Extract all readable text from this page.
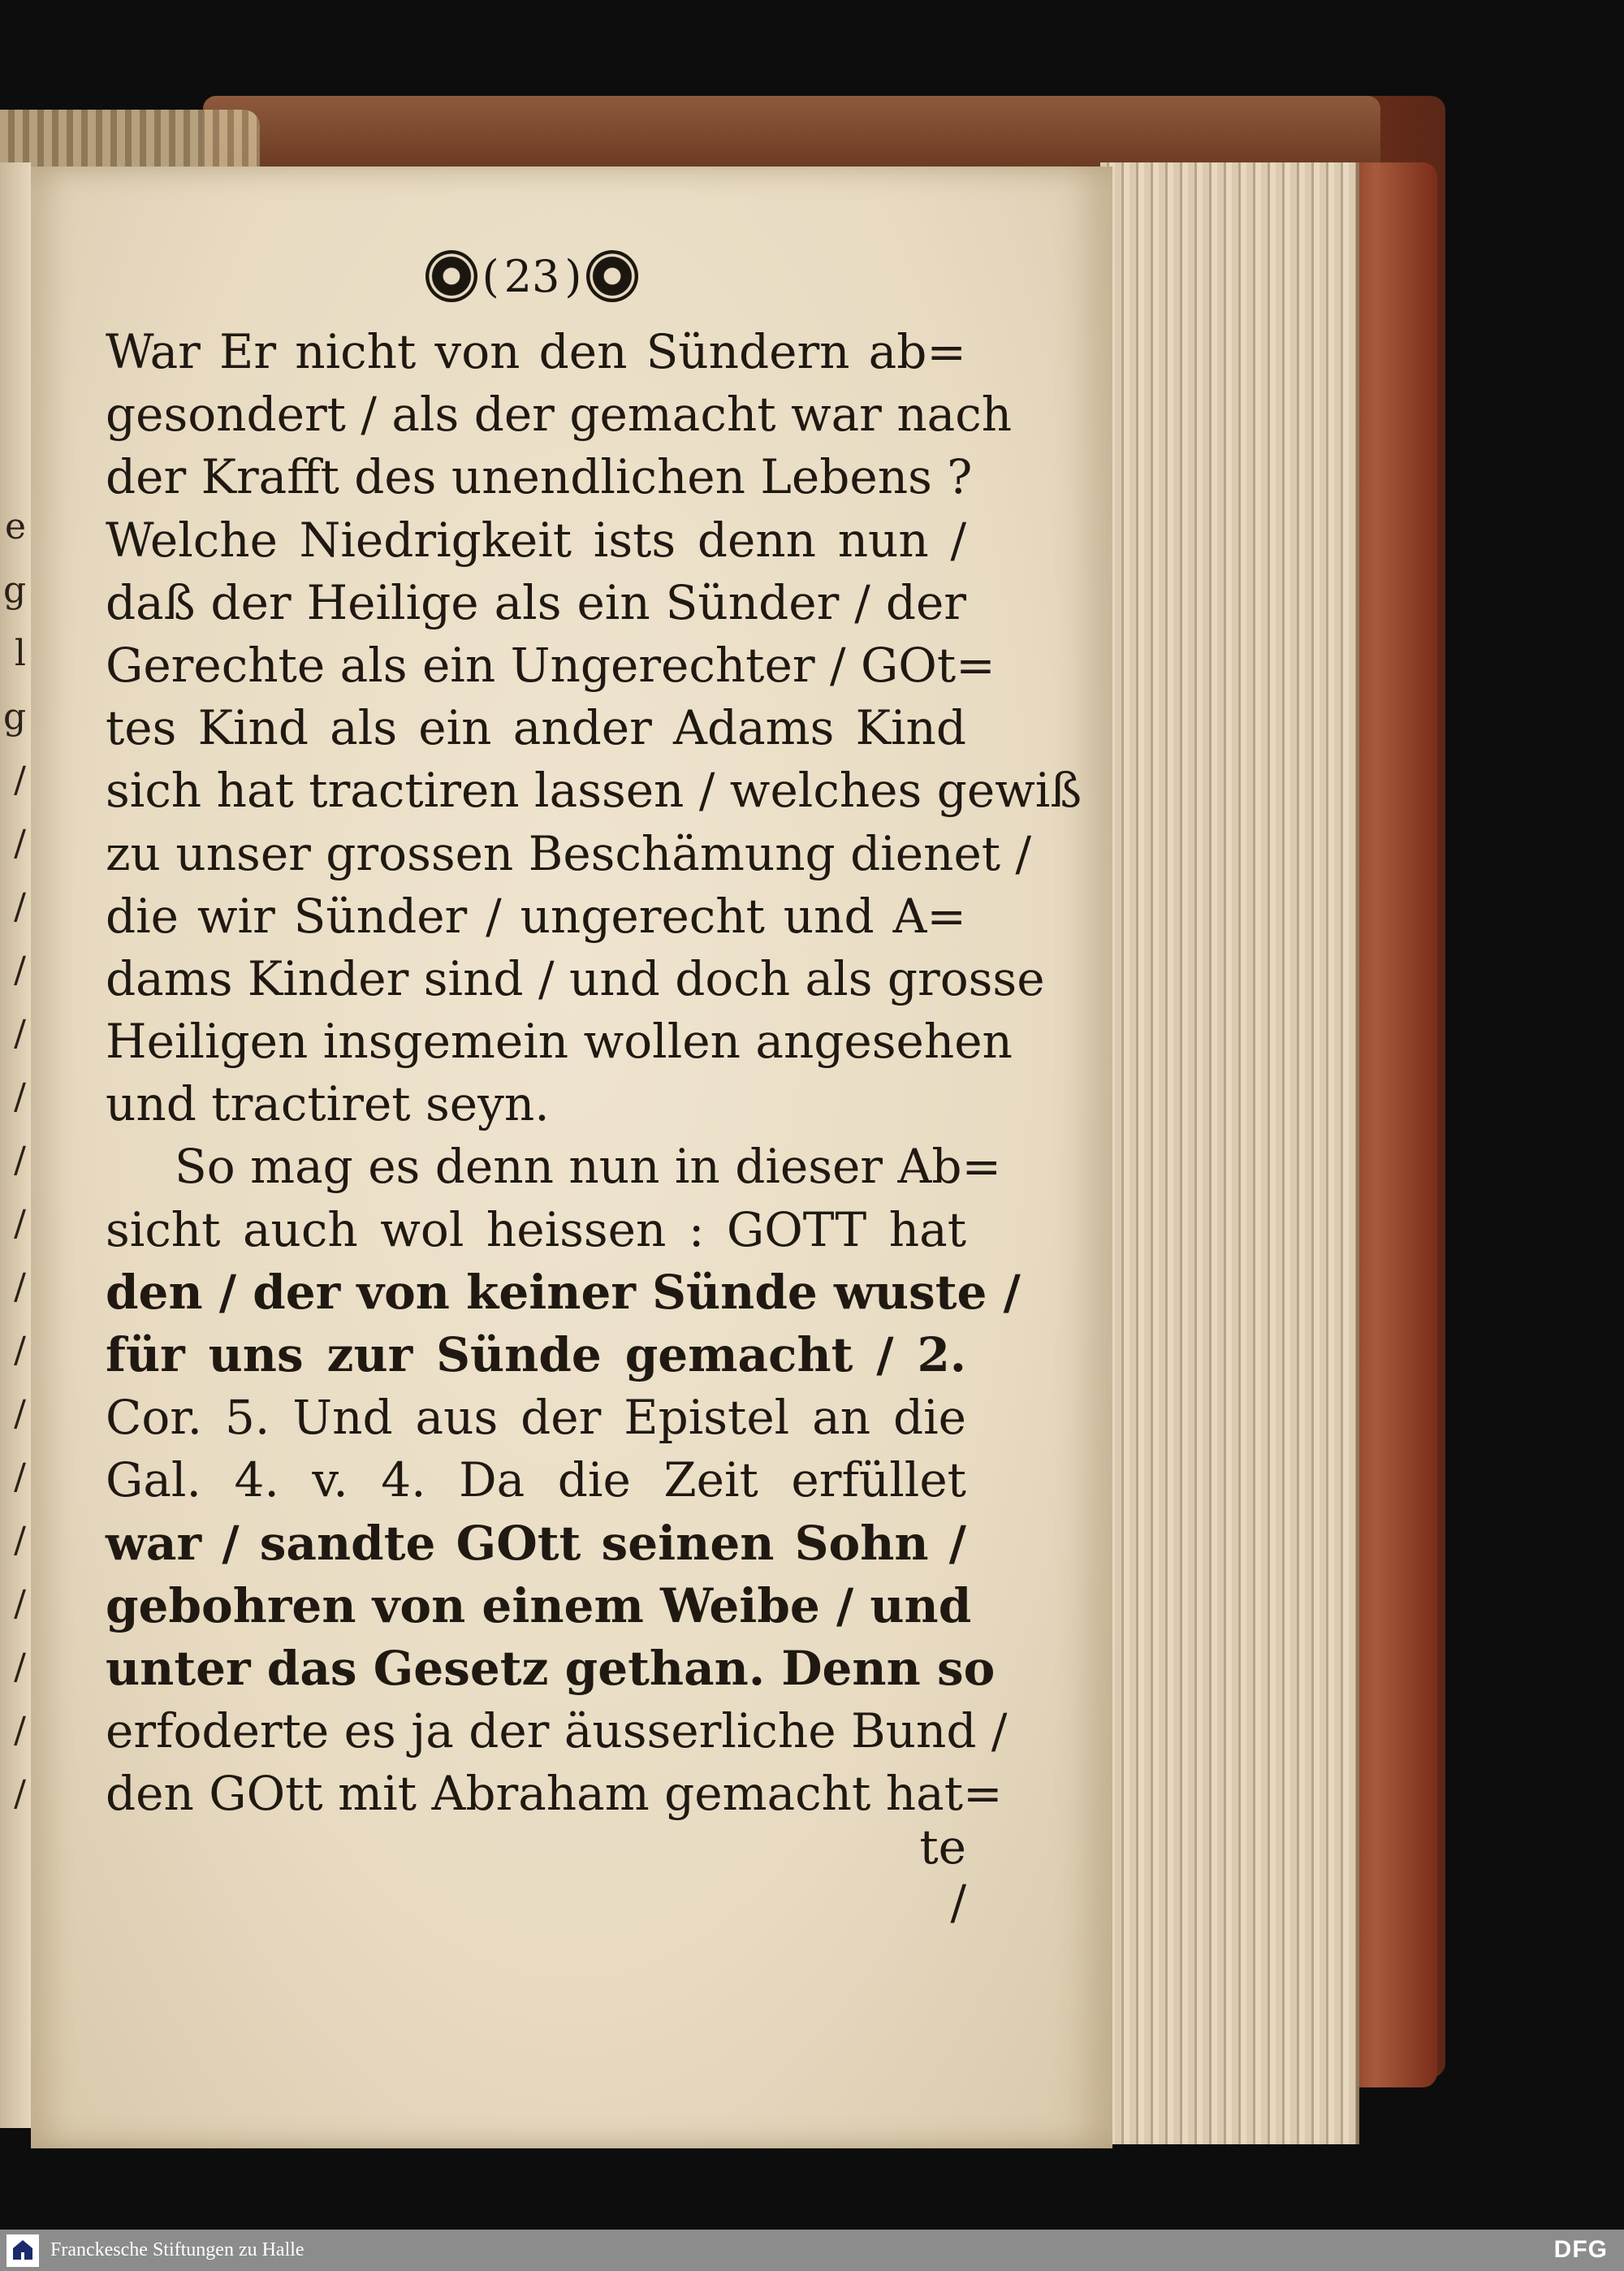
e
g
l
g
/
/
/
/
/
/
/
/
/
/
/
/
/
/
/
/
/
( 23 )
War Er nicht von den Sündern ab=
gesondert / als der gemacht war nach
der Krafft des unendlichen Lebens ?
Welche Niedrigkeit ists denn nun /
daß der Heilige als ein Sünder / der
Gerechte als ein Ungerechter / GOt=
tes Kind als ein ander Adams Kind
sich hat tractiren lassen / welches gewiß
zu unser grossen Beschämung dienet /
die wir Sünder / ungerecht und A=
dams Kinder sind / und doch als grosse
Heiligen insgemein wollen angesehen
und tractiret seyn.
So mag es denn nun in dieser Ab=
sicht auch wol heissen : GOTT hat
den / der von keiner Sünde wuste /
für uns zur Sünde gemacht / 2.
Cor. 5. Und aus der Epistel an die
Gal. 4. v. 4. Da die Zeit erfüllet
war / sandte GOtt seinen Sohn /
gebohren von einem Weibe / und
unter das Gesetz gethan. Denn so
erfoderte es ja der äusserliche Bund /
den GOtt mit Abraham gemacht hat=
te /
Franckesche Stiftungen zu Halle	DFG
